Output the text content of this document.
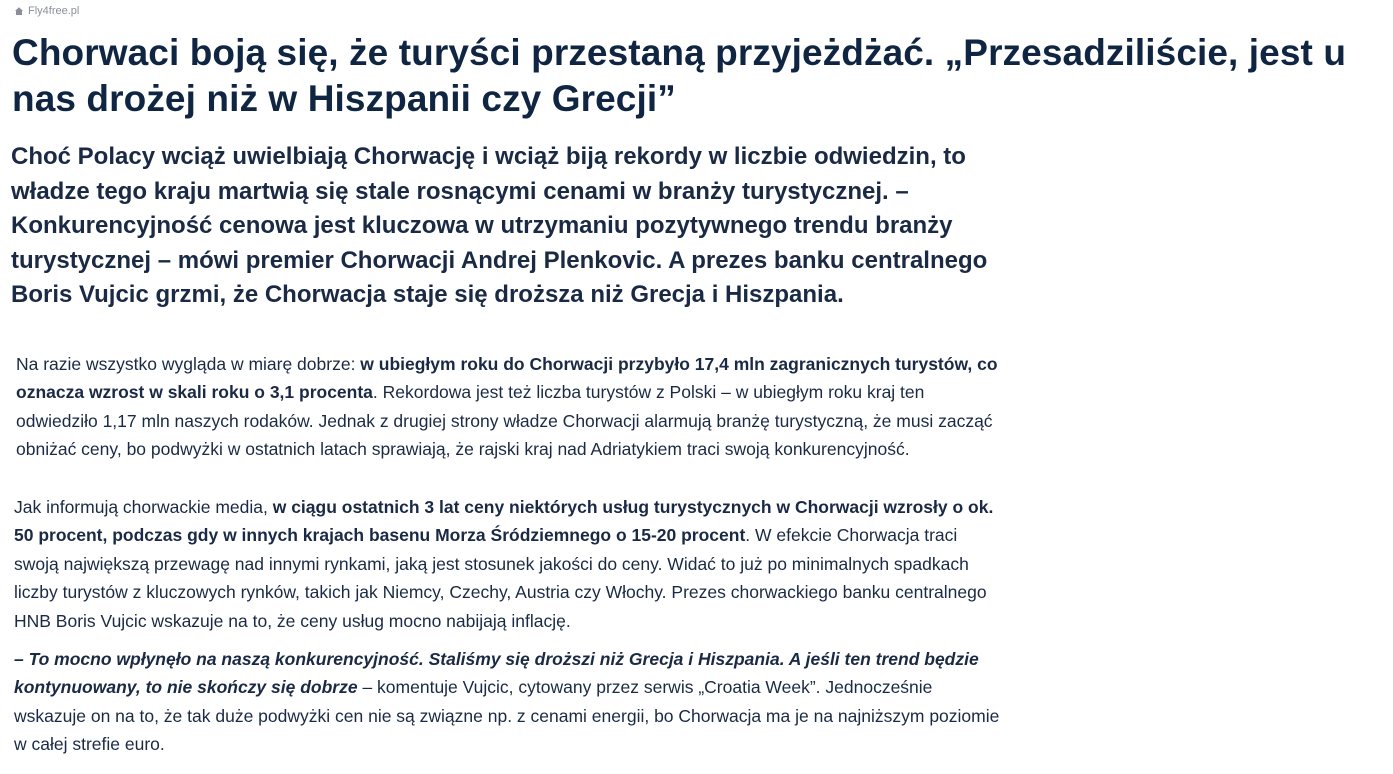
Fly4free.pl
Chorwaci boją się, że turyści przestaną przyjeżdżać. „Przesadziliście, jest u nas drożej niż w Hiszpanii czy Grecji”

Choć Polacy wciąż uwielbiają Chorwację i wciąż biją rekordy w liczbie odwiedzin, to władze tego kraju martwią się stale rosnącymi cenami w branży turystycznej. – Konkurencyjność cenowa jest kluczowa w utrzymaniu pozytywnego trendu branży turystycznej – mówi premier Chorwacji Andrej Plenkovic. A prezes banku centralnego Boris Vujcic grzmi, że Chorwacja staje się droższa niż Grecja i Hiszpania.

Na razie wszystko wygląda w miarę dobrze: w ubiegłym roku do Chorwacji przybyło 17,4 mln zagranicznych turystów, co oznacza wzrost w skali roku o 3,1 procenta. Rekordowa jest też liczba turystów z Polski – w ubiegłym roku kraj ten odwiedziło 1,17 mln naszych rodaków. Jednak z drugiej strony władze Chorwacji alarmują branżę turystyczną, że musi zacząć obniżać ceny, bo podwyżki w ostatnich latach sprawiają, że rajski kraj nad Adriatykiem traci swoją konkurencyjność.

Jak informują chorwackie media, w ciągu ostatnich 3 lat ceny niektórych usług turystycznych w Chorwacji wzrosły o ok. 50 procent, podczas gdy w innych krajach basenu Morza Śródziemnego o 15-20 procent. W efekcie Chorwacja traci swoją największą przewagę nad innymi rynkami, jaką jest stosunek jakości do ceny. Widać to już po minimalnych spadkach liczby turystów z kluczowych rynków, takich jak Niemcy, Czechy, Austria czy Włochy. Prezes chorwackiego banku centralnego HNB Boris Vujcic wskazuje na to, że ceny usług mocno nabijają inflację.

– To mocno wpłynęło na naszą konkurencyjność. Staliśmy się droższi niż Grecja i Hiszpania. A jeśli ten trend będzie kontynuowany, to nie skończy się dobrze – komentuje Vujcic, cytowany przez serwis „Croatia Week”. Jednocześnie wskazuje on na to, że tak duże podwyżki cen nie są związne np. z cenami energii, bo Chorwacja ma je na najniższym poziomie w całej strefie euro.
